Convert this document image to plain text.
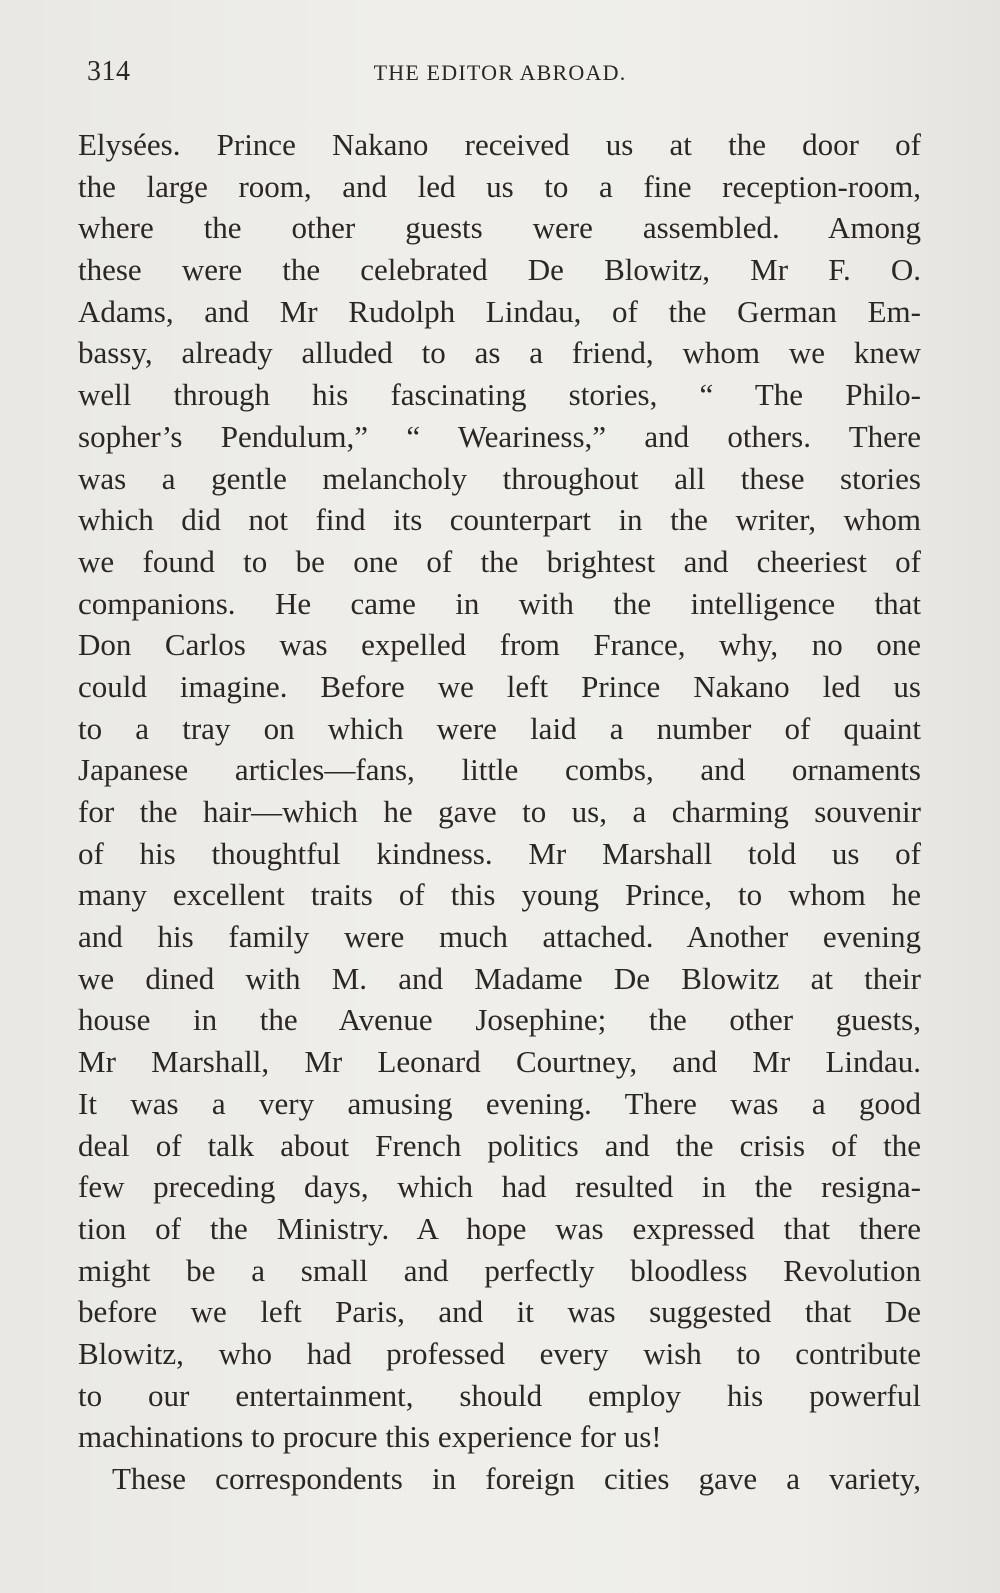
314	THE EDITOR ABROAD.
Elysées. Prince Nakano received us at the door of
the large room, and led us to a fine reception-room,
where the other guests were assembled. Among
these were the celebrated De Blowitz, Mr F. O.
Adams, and Mr Rudolph Lindau, of the German Em-
bassy, already alluded to as a friend, whom we knew
well through his fascinating stories, “ The Philo-
sopher’s Pendulum,” “ Weariness,” and others. There
was a gentle melancholy throughout all these stories
which did not find its counterpart in the writer, whom
we found to be one of the brightest and cheeriest of
companions. He came in with the intelligence that
Don Carlos was expelled from France, why, no one
could imagine. Before we left Prince Nakano led us
to a tray on which were laid a number of quaint
Japanese articles—fans, little combs, and ornaments
for the hair—which he gave to us, a charming souvenir
of his thoughtful kindness. Mr Marshall told us of
many excellent traits of this young Prince, to whom he
and his family were much attached. Another evening
we dined with M. and Madame De Blowitz at their
house in the Avenue Josephine; the other guests,
Mr Marshall, Mr Leonard Courtney, and Mr Lindau.
It was a very amusing evening. There was a good
deal of talk about French politics and the crisis of the
few preceding days, which had resulted in the resigna-
tion of the Ministry. A hope was expressed that there
might be a small and perfectly bloodless Revolution
before we left Paris, and it was suggested that De
Blowitz, who had professed every wish to contribute
to our entertainment, should employ his powerful
machinations to procure this experience for us!
These correspondents in foreign cities gave a variety,
